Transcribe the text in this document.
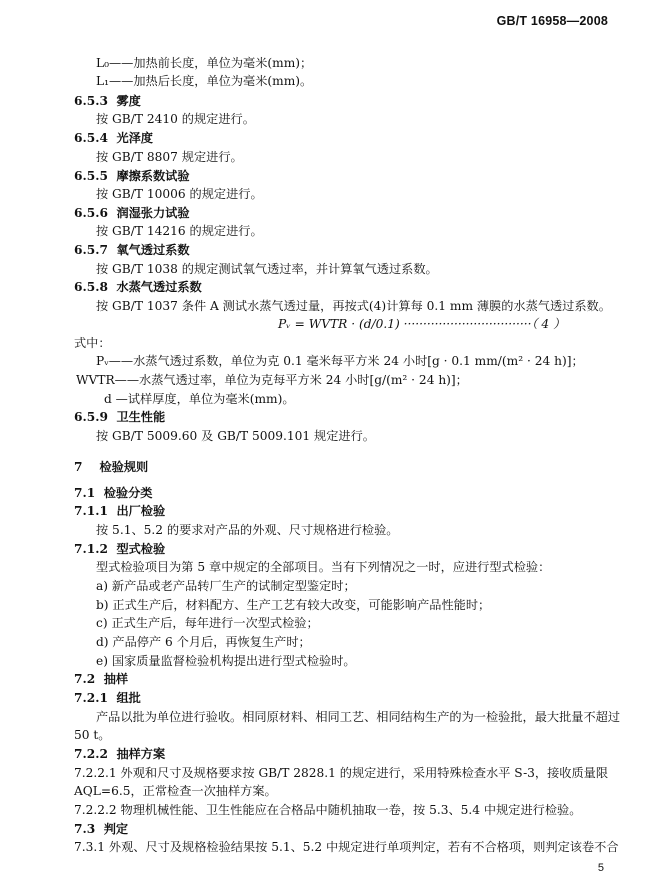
GB/T 16958—2008
L₀——加热前长度，单位为毫米(mm)；
L₁——加热后长度，单位为毫米(mm)。
6.5.3 雾度
按 GB/T 2410 的规定进行。
6.5.4 光泽度
按 GB/T 8807 规定进行。
6.5.5 摩擦系数试验
按 GB/T 10006 的规定进行。
6.5.6 润湿张力试验
按 GB/T 14216 的规定进行。
6.5.7 氧气透过系数
按 GB/T 1038 的规定测试氧气透过率，并计算氧气透过系数。
6.5.8 水蒸气透过系数
按 GB/T 1037 条件 A 测试水蒸气透过量，再按式(4)计算每 0.1 mm 薄膜的水蒸气透过系数。
Pᵥ = WVTR · (d/0.1) ·································（ 4 ）
式中：
Pᵥ——水蒸气透过系数，单位为克 0.1 毫米每平方米 24 小时[g · 0.1 mm/(m² · 24 h)]；
WVTR——水蒸气透过率，单位为克每平方米 24 小时[g/(m² · 24 h)]；
d —试样厚度，单位为毫米(mm)。
6.5.9 卫生性能
按 GB/T 5009.60 及 GB/T 5009.101 规定进行。
7 检验规则
7.1 检验分类
7.1.1 出厂检验
按 5.1、5.2 的要求对产品的外观、尺寸规格进行检验。
7.1.2 型式检验
型式检验项目为第 5 章中规定的全部项目。当有下列情况之一时，应进行型式检验：
a) 新产品或老产品转厂生产的试制定型鉴定时；
b) 正式生产后，材料配方、生产工艺有较大改变，可能影响产品性能时；
c) 正式生产后，每年进行一次型式检验；
d) 产品停产 6 个月后，再恢复生产时；
e) 国家质量监督检验机构提出进行型式检验时。
7.2 抽样
7.2.1 组批
产品以批为单位进行验收。相同原材料、相同工艺、相同结构生产的为一检验批，最大批量不超过
50 t。
7.2.2 抽样方案
7.2.2.1 外观和尺寸及规格要求按 GB/T 2828.1 的规定进行，采用特殊检查水平 S-3，接收质量限
AQL=6.5，正常检查一次抽样方案。
7.2.2.2 物理机械性能、卫生性能应在合格品中随机抽取一卷，按 5.3、5.4 中规定进行检验。
7.3 判定
7.3.1 外观、尺寸及规格检验结果按 5.1、5.2 中规定进行单项判定，若有不合格项，则判定该卷不合
5
